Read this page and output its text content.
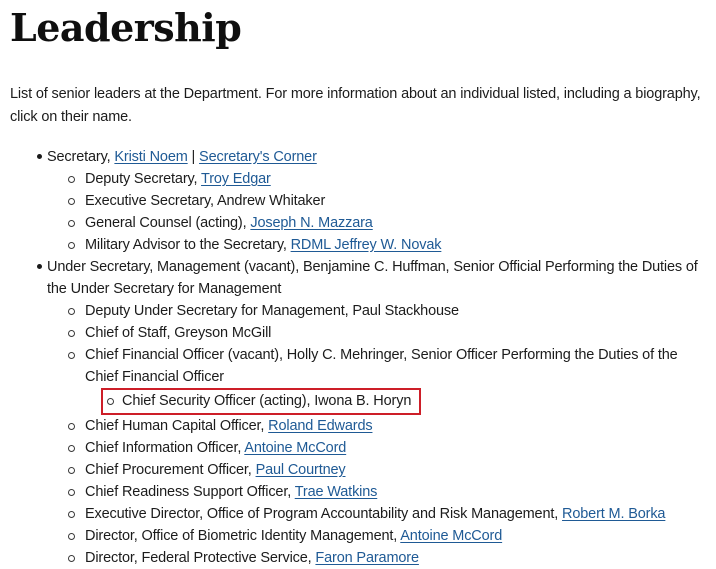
Leadership

List of senior leaders at the Department. For more information about an individual listed, including a biography, click on their name.

Secretary, Kristi Noem | Secretary's Corner
Deputy Secretary, Troy Edgar
Executive Secretary, Andrew Whitaker
General Counsel (acting), Joseph N. Mazzara
Military Advisor to the Secretary, RDML Jeffrey W. Novak
Under Secretary, Management (vacant), Benjamine C. Huffman, Senior Official Performing the Duties of the Under Secretary for Management
Deputy Under Secretary for Management, Paul Stackhouse
Chief of Staff, Greyson McGill
Chief Financial Officer (vacant), Holly C. Mehringer, Senior Officer Performing the Duties of the Chief Financial Officer
Chief Security Officer (acting), Iwona B. Horyn
Chief Human Capital Officer, Roland Edwards
Chief Information Officer, Antoine McCord
Chief Procurement Officer, Paul Courtney
Chief Readiness Support Officer, Trae Watkins
Executive Director, Office of Program Accountability and Risk Management, Robert M. Borka
Director, Office of Biometric Identity Management, Antoine McCord
Director, Federal Protective Service, Faron Paramore
